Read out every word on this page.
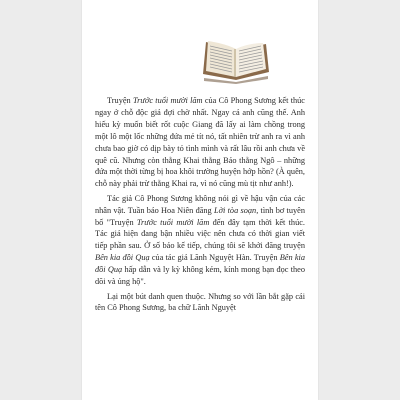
Truyện Trước tuổi mười lăm của Cô Phong Sương kết thúc ngay ở chỗ độc giả đợi chờ nhất. Ngay cả anh cũng thế. Anh hiếu kỳ muốn biết rốt cuộc Giang đã lấy ai làm chồng trong một lô một lốc những đứa mẻ tít nó, tất nhiên trừ anh ra vì anh chưa bao giờ có dịp bày tỏ tình mình và rất lâu rồi anh chưa về quê cũ. Nhưng còn thằng Khai thằng Bảo thằng Ngô – những đứa một thời từng bị hoa khôi trường huyện hớp hồn? (À quên, chỗ này phải trừ thằng Khai ra, vì nó cũng mù tịt như anh!).

Tác giả Cô Phong Sương không nói gì về hậu vận của các nhân vật. Tuần báo Hoa Niên đăng Lời tòa soạn, tình bơ tuyên bố "Truyện Trước tuổi mười lăm đến đây tạm thời kết thúc. Tác giả hiện đang bận nhiều việc nên chưa có thời gian viết tiếp phần sau. Ở số báo kế tiếp, chúng tôi sẽ khởi đăng truyện Bên kia đồi Quạ của tác giả Lãnh Nguyệt Hàn. Truyện Bên kia đồi Quạ hấp dẫn và ly kỳ không kém, kính mong bạn đọc theo dõi và ủng hộ".

Lại một bút danh quen thuộc. Nhưng so với lần bắt gặp cái tên Cô Phong Sương, ba chữ Lãnh Nguyệt
